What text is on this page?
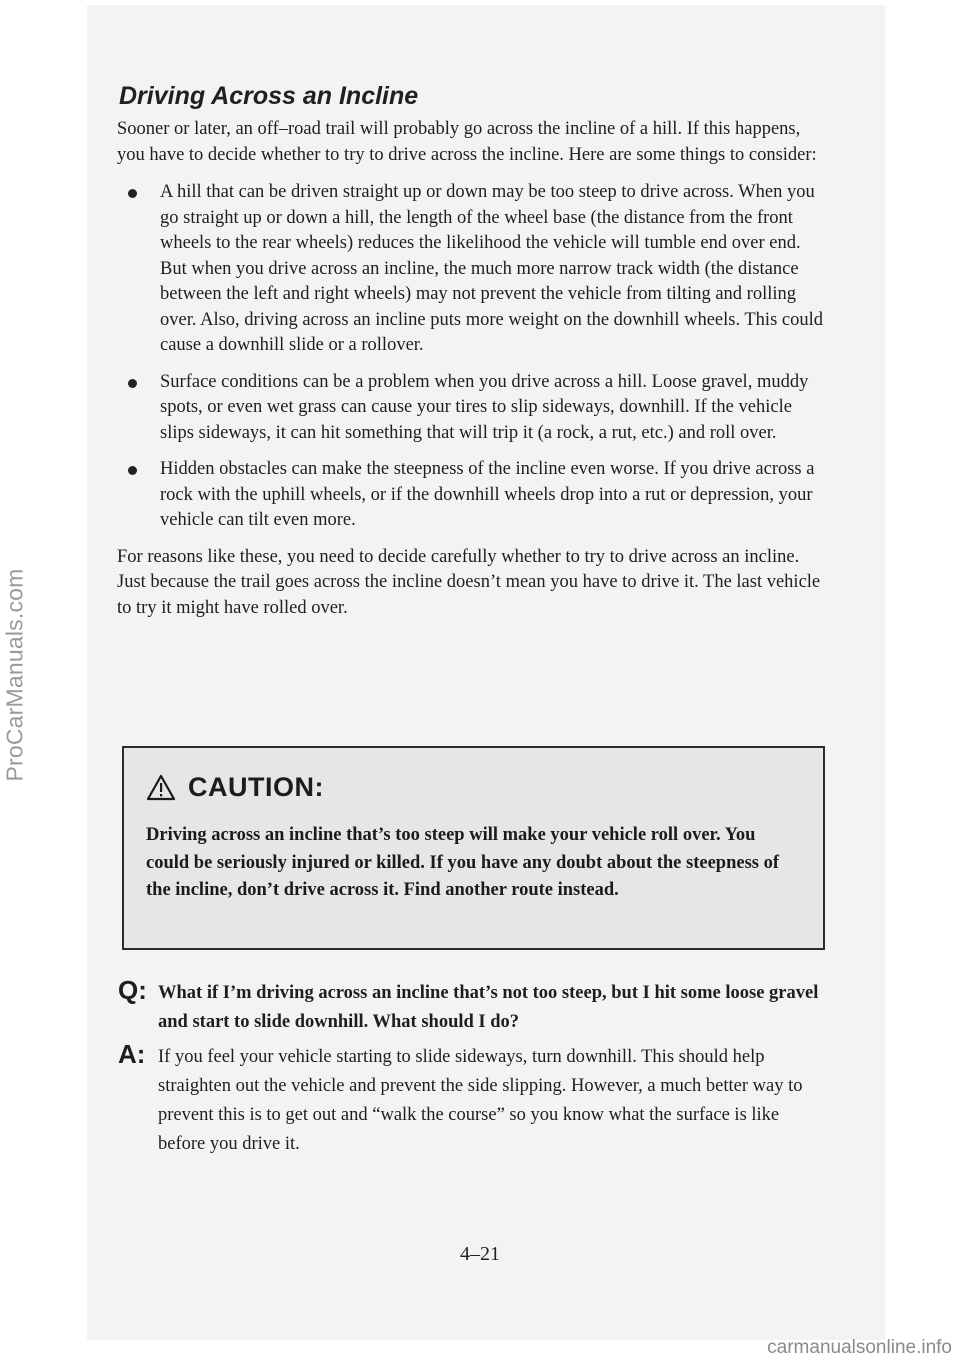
Driving Across an Incline

Sooner or later, an off–road trail will probably go across the incline of a hill. If this happens, you have to decide whether to try to drive across the incline. Here are some things to consider:

A hill that can be driven straight up or down may be too steep to drive across. When you go straight up or down a hill, the length of the wheel base (the distance from the front wheels to the rear wheels) reduces the likelihood the vehicle will tumble end over end. But when you drive across an incline, the much more narrow track width (the distance between the left and right wheels) may not prevent the vehicle from tilting and rolling over. Also, driving across an incline puts more weight on the downhill wheels. This could cause a downhill slide or a rollover.
Surface conditions can be a problem when you drive across a hill. Loose gravel, muddy spots, or even wet grass can cause your tires to slip sideways, downhill. If the vehicle slips sideways, it can hit something that will trip it (a rock, a rut, etc.) and roll over.
Hidden obstacles can make the steepness of the incline even worse. If you drive across a rock with the uphill wheels, or if the downhill wheels drop into a rut or depression, your vehicle can tilt even more.

For reasons like these, you need to decide carefully whether to try to drive across an incline. Just because the trail goes across the incline doesn’t mean you have to drive it. The last vehicle to try it might have rolled over.

CAUTION:
Driving across an incline that’s too steep will make your vehicle roll over. You could be seriously injured or killed. If you have any doubt about the steepness of the incline, don’t drive across it. Find another route instead.
Q: What if I’m driving across an incline that’s not too steep, but I hit some loose gravel and start to slide downhill. What should I do?
A: If you feel your vehicle starting to slide sideways, turn downhill. This should help straighten out the vehicle and prevent the side slipping. However, a much better way to prevent this is to get out and “walk the course” so you know what the surface is like before you drive it.
4–21
ProCarManuals.com
carmanualsonline.info
